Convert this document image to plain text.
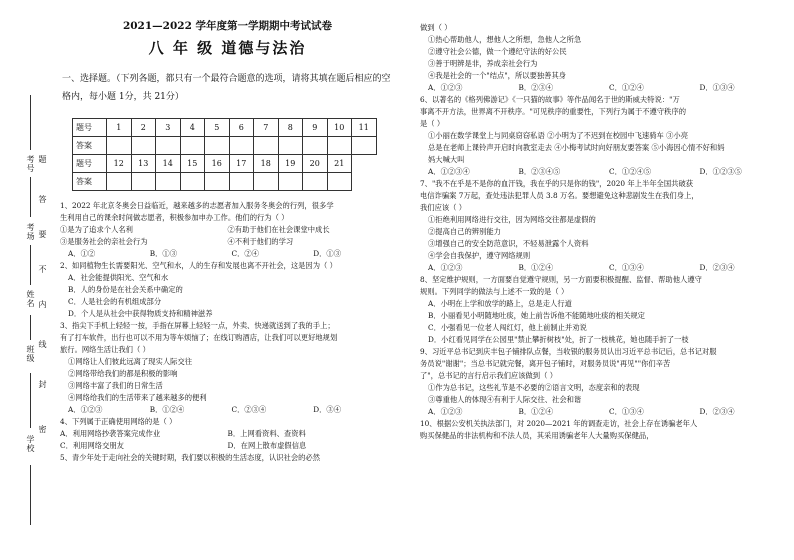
2021—2022 学年度第一学期期中考试试卷
八 年 级 道德与法治
一、选择题。（下列各题，都只有一个最符合题意的选项，请将其填在题后相应的空格内，每小题 1分，共 21分）
题号	1	2	3	4	5	6	7	8	9	10	11
答案											
题号	12	13	14	15	16	17	18	19	20	21	
答案											
考号
考场
姓名
班级
学校
题
答
要
不
内
线
封
密

1、2022 年北京冬奥会日益临近，越来越多的志愿者加入服务冬奥会的行列，很多学

生利用自己的课余时间做志愿者，积极参加申办工作。他们的行为（ ）

①是为了追求个人名利	②有助于他们在社会课堂中成长
③是服务社会的亲社会行为	④不利于他们的学习
A．①②	B．①③	C．②④	D．①③

2、如同植物生长需要阳光、空气和水，人的生存和发展也离不开社会，这是因为（ ）

A．社会能提供阳光、空气和水

B．人的身份是在社会关系中确定的

C．人是社会的有机组成部分

D．个人是从社会中获得物质支持和精神滋养

3、指尖下手机上轻轻一按，手指在屏幕上轻轻一点，外卖、快递就送到了我的手上；

有了打车软件，出行也可以不用为等车烦恼了；在线订购酒店，让我们可以更好地规划

旅行。网络生活让我们（ ）

①网络让人们彼此远离了现实人际交往

②网络带给我们的都是积极的影响

③网络丰富了我们的日常生活

④网络给我们的生活带来了越来越多的便利

A．①②③	B．①②④	C．②③④	D．③④

4、下列属于正确使用网络的是（ ）

A．利用网络抄袭答案完成作业	B．上网看资料、查资料
C．利用网络交朋友	D．在网上散布虚假信息

5、青少年处于走向社会的关键时期，我们要以积极的生活态度，认识社会的必然

做到（ ）

①热心帮助他人，想他人之所想，急他人之所急

②遵守社会公德，做一个遵纪守法的好公民

③善于明辨是非，养成亲社会行为

④我是社会的一个"结点"，所以要独善其身

A．①②③	B．②③④	C．①②④	D．①③④

6、以著名的《格列佛游记》《一只猫的故事》等作品闻名于世的斯威夫特说："万

事离不开方法，世界离不开秩序。"可见秩序的重要性，下列行为属于不遵守秩序的

是（ ）

①小丽在数学课堂上与同桌窃窃私语 ②小明为了不迟到在校园中飞速骑车 ③小亮

总是在老师上课铃声开启时向教室走去 ④小梅考试时向好朋友要答案 ⑤小海因心情不好和妈

妈大喊大叫

A．①②③④	B．②③④⑤	C．①②④⑤	D．①②③⑤

7、"我不在乎是不是你的血汗钱，我在乎的只是你的钱"，2020 年上半年全国共破获

电信诈骗案 7万起，查处违法犯罪人员 3.8 万名。要想避免这种悲剧发生在我们身上，

我们应该（ ）

①拒绝利用网络进行交往，因为网络交往都是虚假的

②提高自己的辨别能力

③增强自己的安全防范意识，不轻易泄露个人资料

④学会自我保护，遵守网络规则

A．①②③	B．①②④	C．①③④	D．②③④

8、坚定维护规则，一方面要自觉遵守规则，另一方面要积极提醒、监督、帮助他人遵守

规则。下列同学的做法与上述不一致的是（ ）

A．小明在上学和放学的路上，总是走人行道

B．小丽看见小明随地吐痰，她上前告诉他不能随地吐痰的相关规定

C．小强看见一位老人闯红灯，他上前制止并劝说

D．小红看见同学在公园里"禁止攀折树枝"处，折了一枝桃花，她也随手折了一枝

9、习近平总书记到庆丰包子铺排队点餐，当收银的服务员认出习近平总书记后，总书记对服

务员说"谢谢"；当总书记就完餐，离开包子铺时，对服务员说"再见""你们辛苦

了"，总书记的言行启示我们应该做到（ ）

①作为总书记，这些礼节是不必要的②语言文明，态度亲和的表现

③尊重他人的体现④有利于人际交往、社会和谐

A．①②③	B．①②④	C．①③④	D．②③④

10、根据公安机关执法部门，对 2020—2021 年的调查走访，社会上存在诱骗老年人

购买保健品的非法机构和不法人员，其采用诱骗老年人大量购买保健品，
